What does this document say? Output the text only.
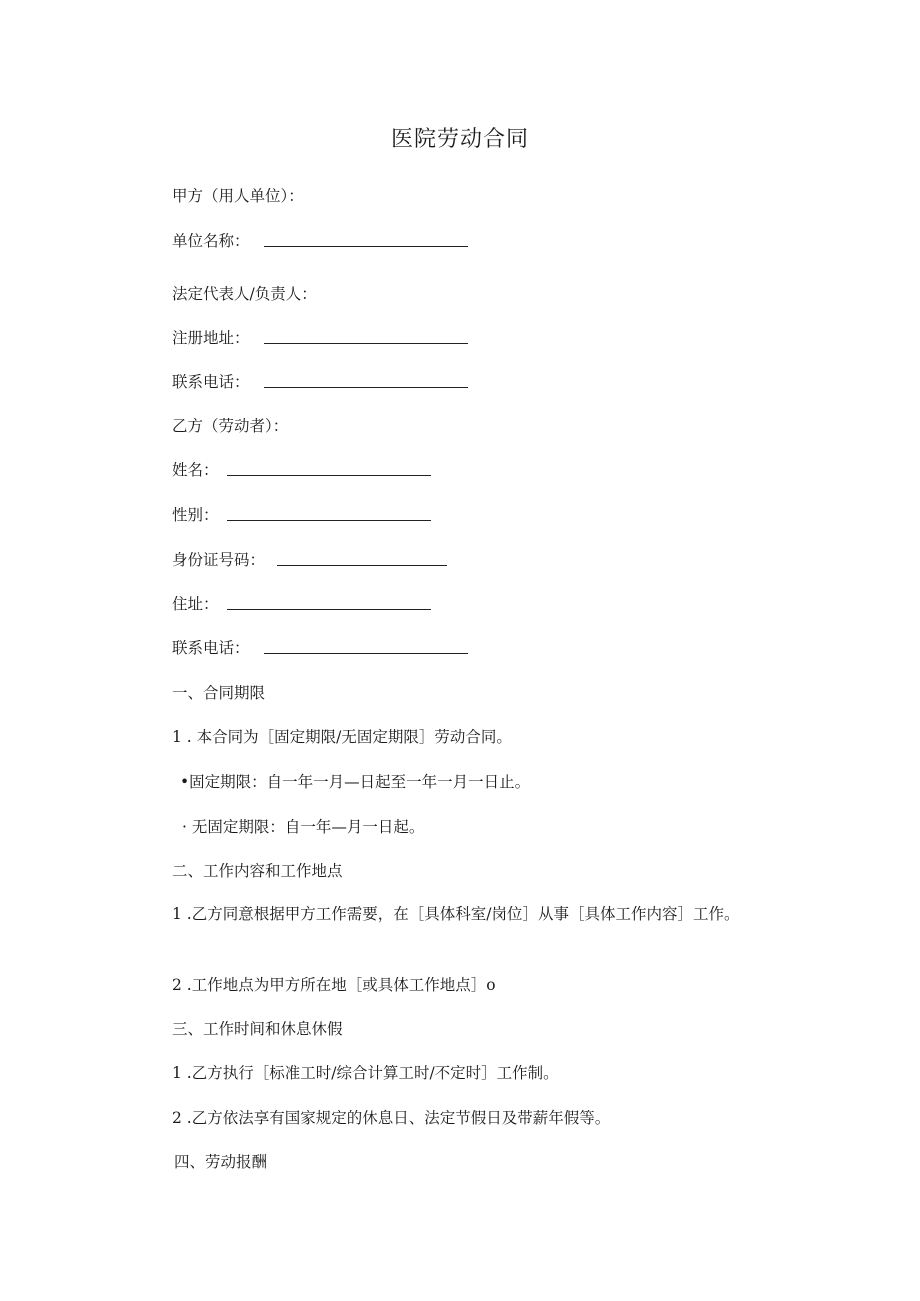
医院劳动合同
甲方（用人单位）：
单位名称：
法定代表人/负责人：
注册地址：
联系电话：
乙方（劳动者）：
姓名：
性别：
身份证号码：
住址：
联系电话：
一、合同期限
1 . 本合同为［固定期限/无固定期限］劳动合同。
•固定期限：自一年一月—日起至一年一月一日止。
· 无固定期限：自一年—月一日起。
二、工作内容和工作地点
1 .乙方同意根据甲方工作需要，在［具体科室/岗位］从事［具体工作内容］工作。
2 .工作地点为甲方所在地［或具体工作地点］o
三、工作时间和休息休假
1 .乙方执行［标准工时/综合计算工时/不定时］工作制。
2 .乙方依法享有国家规定的休息日、法定节假日及带薪年假等。
四、劳动报酬
